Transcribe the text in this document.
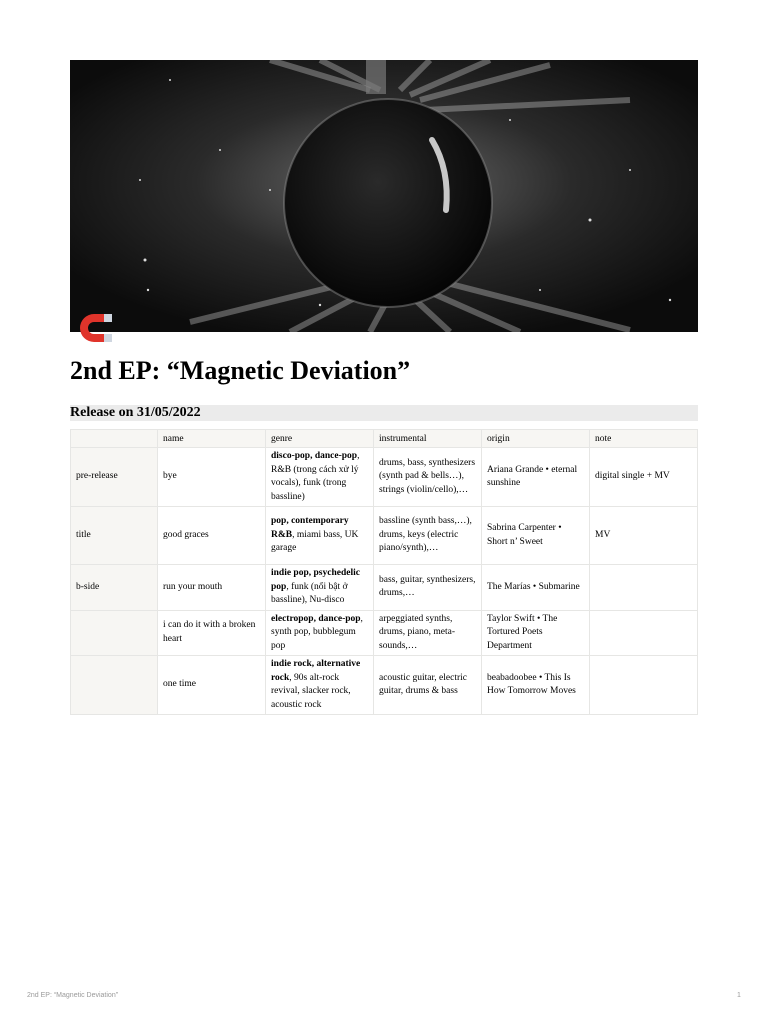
2nd EP: “Magnetic Deviation”
Release on 31/05/2022
	name	genre	instrumental	origin	note
pre-release	bye	disco-pop, dance-pop, R&B (trong cách xử lý vocals), funk (trong bassline)	drums, bass, synthesizers (synth pad & bells…), strings (violin/cello),…	Ariana Grande • eternal sunshine	digital single + MV
title	good graces	pop, contemporary R&B, miami bass, UK garage	bassline (synth bass,…), drums, keys (electric piano/synth),…	Sabrina Carpenter • Short n’ Sweet	MV
b-side	run your mouth	indie pop, psychedelic pop, funk (nổi bật ở bassline), Nu-disco	bass, guitar, synthesizers, drums,…	The Marías • Submarine	
	i can do it with a broken heart	electropop, dance-pop, synth pop, bubblegum pop	arpeggiated synths, drums, piano, meta-sounds,…	Taylor Swift • The Tortured Poets Department	
	one time	indie rock, alternative rock, 90s alt-rock revival, slacker rock, acoustic rock	acoustic guitar, electric guitar, drums & bass	beabadoobee • This Is How Tomorrow Moves	
2nd EP: “Magnetic Deviation”	1
